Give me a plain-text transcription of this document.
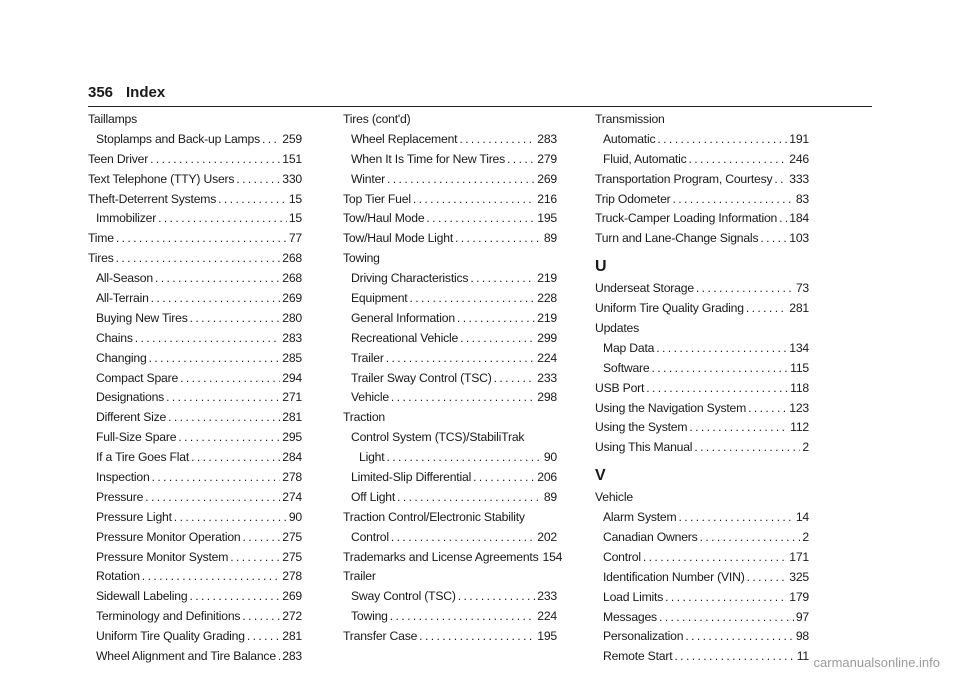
356 Index
Taillamps
Stoplamps and Back-up Lamps . . . 259
Teen Driver . . .	151
Text Telephone (TTY) Users . . .	330
Theft-Deterrent Systems . . .	15
Immobilizer . . .	15
Time . . .	77
Tires . . .	268
All-Season . . .	268
All-Terrain . . .	269
Buying New Tires . . .	280
Chains . . .	283
Changing . . .	285
Compact Spare . . .	294
Designations . . .	271
Different Size . . .	281
Full-Size Spare . . .	295
If a Tire Goes Flat . . .	284
Inspection . . .	278
Pressure . . .	274
Pressure Light . . .	90
Pressure Monitor Operation . . .	275
Pressure Monitor System . . .	275
Rotation . . .	278
Sidewall Labeling . . .	269
Terminology and Definitions . . .	272
Uniform Tire Quality Grading . . .	281
Wheel Alignment and Tire Balance . . . 283
Tires (cont'd)
Wheel Replacement . . .	283
When It Is Time for New Tires . . .	279
Winter . . .	269
Top Tier Fuel . . .	216
Tow/Haul Mode . . .	195
Tow/Haul Mode Light . . .	89
Towing
Driving Characteristics . . .	219
Equipment . . .	228
General Information . . .	219
Recreational Vehicle . . .	299
Trailer . . .	224
Trailer Sway Control (TSC) . . .	233
Vehicle . . .	298
Traction
Control System (TCS)/StabiliTrak
Light . . .	90
Limited-Slip Differential . . .	206
Off Light . . .	89
Traction Control/Electronic Stability
Control . . .	202
Trademarks and License Agreements 154
Trailer
Sway Control (TSC) . . .	233
Towing . . .	224
Transfer Case . . .	195
Transmission
Automatic . . .	191
Fluid, Automatic . . .	246
Transportation Program, Courtesy . . . 333
Trip Odometer . . .	83
Truck-Camper Loading Information . . . 184
Turn and Lane-Change Signals . . .	103
U
Underseat Storage . . .	73
Uniform Tire Quality Grading . . .	281
Updates
Map Data . . .	134
Software . . .	115
USB Port . . .	118
Using the Navigation System . . .	123
Using the System . . .	112
Using This Manual . . .	2
V
Vehicle
Alarm System . . .	14
Canadian Owners . . .	2
Control . . .	171
Identification Number (VIN) . . .	325
Load Limits . . .	179
Messages . . .	97
Personalization . . .	98
Remote Start . . .	11 carmanualsonline.info
